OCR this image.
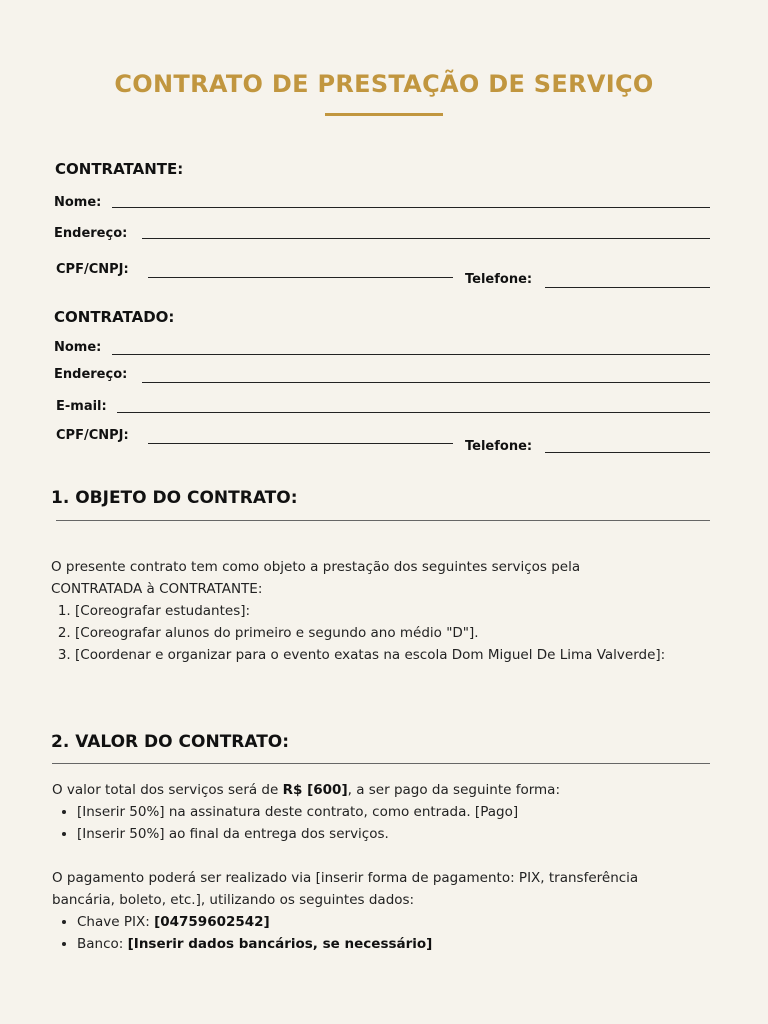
CONTRATO DE PRESTAÇÃO DE SERVIÇO
CONTRATANTE:
Nome:
Endereço:
CPF/CNPJ:
Telefone:
CONTRATADO:
Nome:
Endereço:
E-mail:
CPF/CNPJ:
Telefone:
1. OBJETO DO CONTRATO:

O presente contrato tem como objeto a prestação dos seguintes serviços pela

CONTRATADA à CONTRATANTE:

1. [Coreografar estudantes]:
2. [Coreografar alunos do primeiro e segundo ano médio "D"].
3. [Coordenar e organizar para o evento exatas na escola Dom Miguel De Lima Valverde]:
2. VALOR DO CONTRATO:

O valor total dos serviços será de R$ [600], a ser pago da seguinte forma:

• [Inserir 50%] na assinatura deste contrato, como entrada. [Pago]
• [Inserir 50%] ao final da entrega dos serviços.

O pagamento poderá ser realizado via [inserir forma de pagamento: PIX, transferência

bancária, boleto, etc.], utilizando os seguintes dados:

• Chave PIX: [04759602542]
• Banco: [Inserir dados bancários, se necessário]
